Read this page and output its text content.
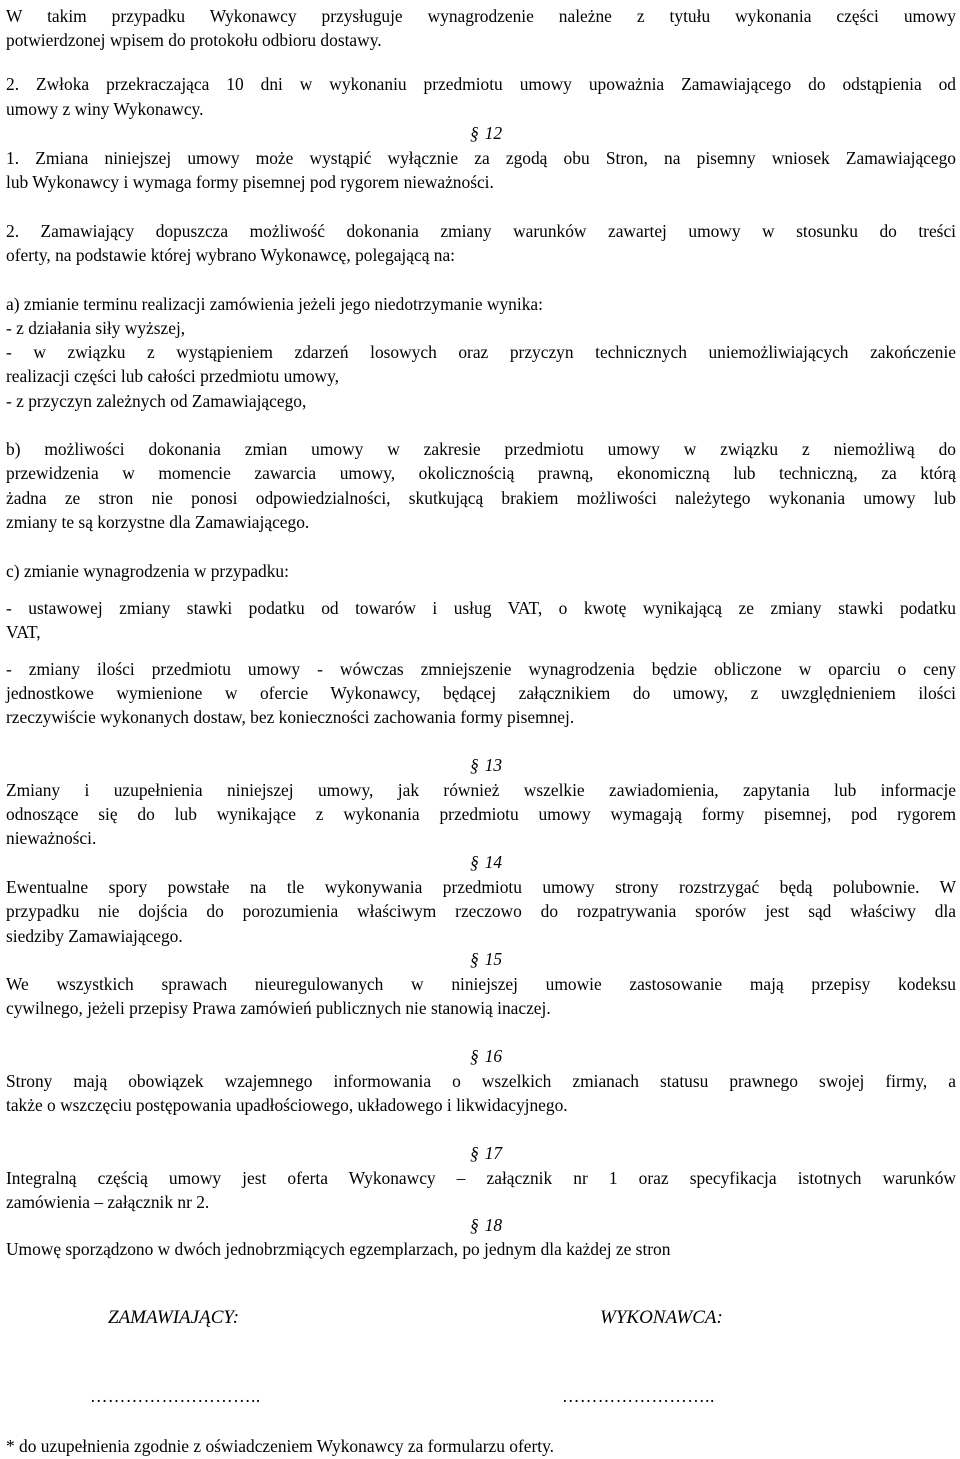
W takim przypadku Wykonawcy przysługuje wynagrodzenie należne z tytułu wykonania części umowy
potwierdzonej wpisem do protokołu odbioru dostawy.
2. Zwłoka przekraczająca 10 dni w wykonaniu przedmiotu umowy upoważnia Zamawiającego do odstąpienia od
umowy z winy Wykonawcy.
1. Zmiana niniejszej umowy może wystąpić wyłącznie za zgodą obu Stron, na pisemny wniosek Zamawiającego
lub Wykonawcy i wymaga formy pisemnej pod rygorem nieważności.
2. Zamawiający dopuszcza możliwość dokonania zmiany warunków zawartej umowy w stosunku do treści
oferty, na podstawie której wybrano Wykonawcę, polegającą na:
a) zmianie terminu realizacji zamówienia jeżeli jego niedotrzymanie wynika:
- z działania siły wyższej,
- w związku z wystąpieniem zdarzeń losowych oraz przyczyn technicznych uniemożliwiających zakończenie
realizacji części lub całości przedmiotu umowy,
- z przyczyn zależnych od Zamawiającego,
b) możliwości dokonania zmian umowy w zakresie przedmiotu umowy w związku z niemożliwą do
przewidzenia w momencie zawarcia umowy, okolicznością prawną, ekonomiczną lub techniczną, za którą
żadna ze stron nie ponosi odpowiedzialności, skutkującą brakiem możliwości należytego wykonania umowy lub
zmiany te są korzystne dla Zamawiającego.
c) zmianie wynagrodzenia w przypadku:
- ustawowej zmiany stawki podatku od towarów i usług VAT, o kwotę wynikającą ze zmiany stawki podatku
VAT,
- zmiany ilości przedmiotu umowy - wówczas zmniejszenie wynagrodzenia będzie obliczone w oparciu o ceny
jednostkowe wymienione w ofercie Wykonawcy, będącej załącznikiem do umowy, z uwzględnieniem ilości
rzeczywiście wykonanych dostaw, bez konieczności zachowania formy pisemnej.
Zmiany i uzupełnienia niniejszej umowy, jak również wszelkie zawiadomienia, zapytania lub informacje
odnoszące się do lub wynikające z wykonania przedmiotu umowy wymagają formy pisemnej, pod rygorem
nieważności.
Ewentualne spory powstałe na tle wykonywania przedmiotu umowy strony rozstrzygać będą polubownie. W
przypadku nie dojścia do porozumienia właściwym rzeczowo do rozpatrywania sporów jest sąd właściwy dla
siedziby Zamawiającego.
We wszystkich sprawach nieuregulowanych w niniejszej umowie zastosowanie mają przepisy kodeksu
cywilnego, jeżeli przepisy Prawa zamówień publicznych nie stanowią inaczej.
Strony mają obowiązek wzajemnego informowania o wszelkich zmianach statusu prawnego swojej firmy, a
także o wszczęciu postępowania upadłościowego, układowego i likwidacyjnego.
Integralną częścią umowy jest oferta Wykonawcy – załącznik nr 1 oraz specyfikacja istotnych warunków
zamówienia – załącznik nr 2.
Umowę sporządzono w dwóch jednobrzmiących egzemplarzach, po jednym dla każdej ze stron
* do uzupełnienia zgodnie z oświadczeniem Wykonawcy za formularzu oferty.
§ 12
§ 13
§ 14
§ 15
§ 16
§ 17
§ 18
ZAMAWIAJĄCY:	WYKONAWCA:
………………………..	……………………..
